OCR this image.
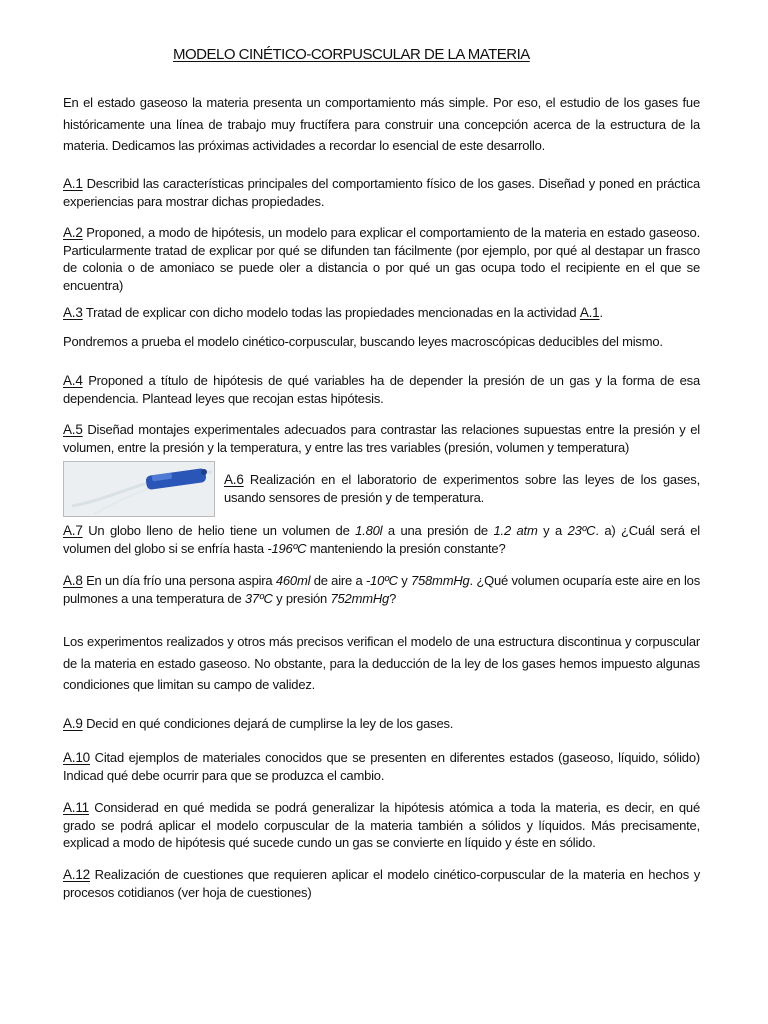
MODELO CINÉTICO-CORPUSCULAR DE LA MATERIA

En el estado gaseoso la materia presenta un comportamiento más simple. Por eso, el estudio de los gases fue históricamente una línea de trabajo muy fructífera para construir una concepción acerca de la estructura de la materia. Dedicamos las próximas actividades a recordar lo esencial de este desarrollo.

A.1 Describid las características principales del comportamiento físico de los gases. Diseñad y poned en práctica experiencias para mostrar dichas propiedades.

A.2 Proponed, a modo de hipótesis, un modelo para explicar el comportamiento de la materia en estado gaseoso. Particularmente tratad de explicar por qué se difunden tan fácilmente (por ejemplo, por qué al destapar un frasco de colonia o de amoniaco se puede oler a distancia o por qué un gas ocupa todo el recipiente en el que se encuentra)

A.3 Tratad de explicar con dicho modelo todas las propiedades mencionadas en la actividad A.1.

Pondremos a prueba el modelo cinético-corpuscular, buscando leyes macroscópicas deducibles del mismo.

A.4 Proponed a título de hipótesis de qué variables ha de depender la presión de un gas y la forma de esa dependencia. Plantead leyes que recojan estas hipótesis.

A.5 Diseñad montajes experimentales adecuados para contrastar las relaciones supuestas entre la presión y el volumen, entre la presión y la temperatura, y entre las tres variables (presión, volumen y temperatura)

A.6 Realización en el laboratorio de experimentos sobre las leyes de los gases, usando sensores de presión y de temperatura.

A.7 Un globo lleno de helio tiene un volumen de 1.80l a una presión de 1.2 atm y a 23ºC. a) ¿Cuál será el volumen del globo si se enfría hasta -196ºC manteniendo la presión constante?

A.8 En un día frío una persona aspira 460ml de aire a -10ºC y 758mmHg. ¿Qué volumen ocuparía este aire en los pulmones a una temperatura de 37ºC y presión 752mmHg?

Los experimentos realizados y otros más precisos verifican el modelo de una estructura discontinua y corpuscular de la materia en estado gaseoso. No obstante, para la deducción de la ley de los gases hemos impuesto algunas condiciones que limitan su campo de validez.

A.9 Decid en qué condiciones dejará de cumplirse la ley de los gases.

A.10 Citad ejemplos de materiales conocidos que se presenten en diferentes estados (gaseoso, líquido, sólido) Indicad qué debe ocurrir para que se produzca el cambio.

A.11 Considerad en qué medida se podrá generalizar la hipótesis atómica a toda la materia, es decir, en qué grado se podrá aplicar el modelo corpuscular de la materia también a sólidos y líquidos. Más precisamente, explicad a modo de hipótesis qué sucede cundo un gas se convierte en líquido y éste en sólido.

A.12 Realización de cuestiones que requieren aplicar el modelo cinético-corpuscular de la materia en hechos y procesos cotidianos (ver hoja de cuestiones)
